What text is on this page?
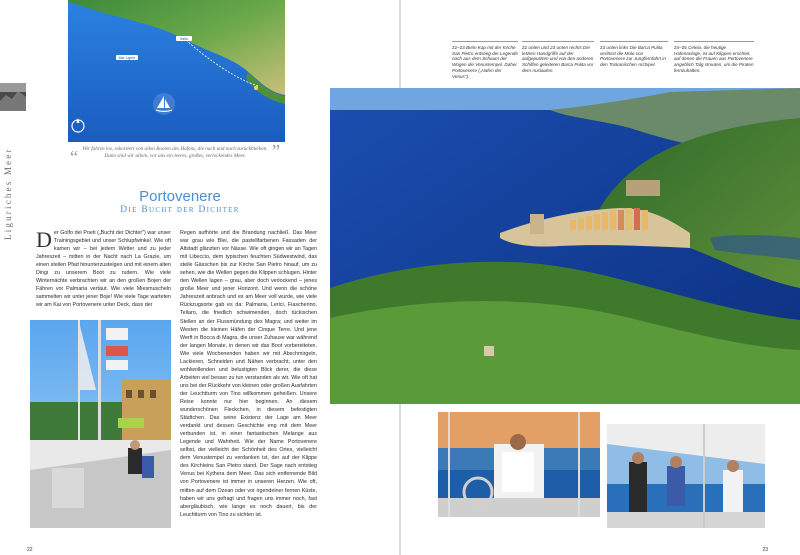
Italia
Mar Ligure
“ Wir fahren los, eskortiert von allen Booten des Hafens, die nach und nach zurückbleiben. Dann sind wir allein, vor uns ein leeres, großes, verlockendes Meer.	”
Liguriches Meer	Portovenere
Die Bucht der Dichter
D er Golfo dei Poeti („Bucht der Dichter") war unser Trainingsgebiet und unser Schlupfwinkel. Wie oft kamen wir – bei jedem Wetter und zu jeder Jahreszeit – mitten in der Nacht nach La Grazie, um einen steilen Pfad hinunterzusteigen und mit einem alten Dingi zu unserem Boot zu rudern. Wie viele Winternächte verbrachten wir an den großen Bojen der Fähren vor Palmaria vertäut. Wie viele Miesmuscheln sammelten wir unter jener Boje! Wie viele Tage warteten wir am Kai von Portovenere unter Deck, dass der

Regen aufhörte und die Brandung nachließ. Das Meer war grau wie Blei, die pastellfarbenen Fassaden der Altstadt glänzten vor Nässe. Wie oft gingen wir an Tagen mit Libeccio, dem typischen feuchten Südwestwind, das steile Gässchen bis zur Kirche San Pietro hinauf, um zu sehen, wie die Wellen gegen die Klippen schlugen. Hinter den Wellen lagen – grau, aber doch verlockend – jenes große Meer und jener Horizont. Und wenn die schöne Jahreszeit anbrach und es am Meer voll wurde, wie viele Rückzugsorte gab es da: Palmaria, Lerici, Fiascherino, Tellaro, die friedlich schwimenden, doch tückischen Stellen an der Flussmündung des Magra; und weiter im Westen die kleinen Häfen der Cinque Terre. Und jene Werft in Bocca di Magra, die unser Zuhause war während der langen Monate, in denen wir das Boot vorbereiteten. Wie viele Wochenenden haben wir mit Abschmirgeln, Lackieren, Schneiden und Nähen verbracht, unter den wohlwollenden und belustigten Blick derer, die diese Arbeiten viel besser zu tun verstanden als wir. Wie oft hat uns bei der Rückkehr von kleinen oder großen Ausfahrten der Leuchtturm von Tino willkommen geheißen. Unsere Reise konnte nur hier beginnen. An diesem wunderschönen Fleckchen, in diesem befestigten Städtchen. Das seine Existenz der Lage am Meer verdankt und dessen Geschichte eng mit dem Meer verbunden ist, in einer fantastischen Melange aus Legende und Wahrheit. Wie der Name Portovenere selbst, der vielleicht der Schönheit des Ortes, vielleicht dem Venustempel zu verdanken ist, der auf der Klippe des Kirchleins San Pietro stand. Der Sage nach entstieg Venus bei Kythera dem Meer. Das sich entfernende Bild von Portovenere ist immer in unseren Herzen. Wie oft, mitten auf dem Ozean oder vor irgendeiner fernen Küste, haben wir uns gefragt und fragen uns immer noch, fast abergläubisch, wie lange es noch dauert, bis der Leuchtturm von Tino zu sichten ist.

22
22–23 Beim Kap mit der Kirche San Pietro entstieg der Legende nach aus dem Schaum der Wogen die Venustempel. Daher Portovenere („Hafen der Venus").
22 unten und 23 unten rechts Die letzten Handgriffe auf der aufgeputzten und von den anderen Schiffen geleiteten Barca Pulita vor dem Auslaufen.
23 unten links Die Barca Pulita verlässt die Mole von Portovenere zur Jungfernfahrt in den Toskanischen Archipel.
24–25 Celeia, die heutige Hafenanlage, ist auf Klippen errichtet, auf denen die Frauen aus Portovenere angeblich Talg streuten, um die Piraten fernzuhalten.
23
